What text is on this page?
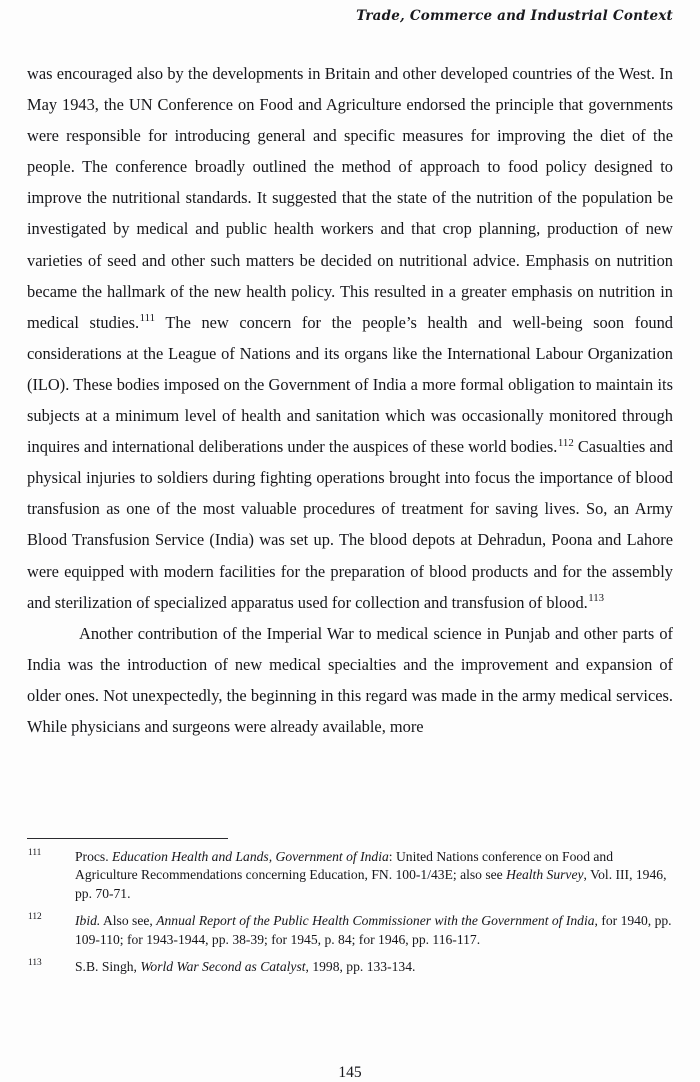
Trade, Commerce and Industrial Context

was encouraged also by the developments in Britain and other developed countries of the West. In May 1943, the UN Conference on Food and Agriculture endorsed the principle that governments were responsible for introducing general and specific measures for improving the diet of the people. The conference broadly outlined the method of approach to food policy designed to improve the nutritional standards. It suggested that the state of the nutrition of the population be investigated by medical and public health workers and that crop planning, production of new varieties of seed and other such matters be decided on nutritional advice. Emphasis on nutrition became the hallmark of the new health policy. This resulted in a greater emphasis on nutrition in medical studies.$^{111}$ The new concern for the people’s health and well-being soon found considerations at the League of Nations and its organs like the International Labour Organization (ILO). These bodies imposed on the Government of India a more formal obligation to maintain its subjects at a minimum level of health and sanitation which was occasionally monitored through inquires and international deliberations under the auspices of these world bodies.$^{112}$ Casualties and physical injuries to soldiers during fighting operations brought into focus the importance of blood transfusion as one of the most valuable procedures of treatment for saving lives. So, an Army Blood Transfusion Service (India) was set up. The blood depots at Dehradun, Poona and Lahore were equipped with modern facilities for the preparation of blood products and for the assembly and sterilization of specialized apparatus used for collection and transfusion of blood.$^{113}$

Another contribution of the Imperial War to medical science in Punjab and other parts of India was the introduction of new medical specialties and the improvement and expansion of older ones. Not unexpectedly, the beginning in this regard was made in the army medical services. While physicians and surgeons were already available, more

111 Procs. Education Health and Lands, Government of India: United Nations conference on Food and Agriculture Recommendations concerning Education, FN. 100-1/43E; also see Health Survey, Vol. III, 1946, pp. 70-71.
112 Ibid. Also see, Annual Report of the Public Health Commissioner with the Government of India, for 1940, pp. 109-110; for 1943-1944, pp. 38-39; for 1945, p. 84; for 1946, pp. 116-117.
113 S.B. Singh, World War Second as Catalyst, 1998, pp. 133-134.
145
